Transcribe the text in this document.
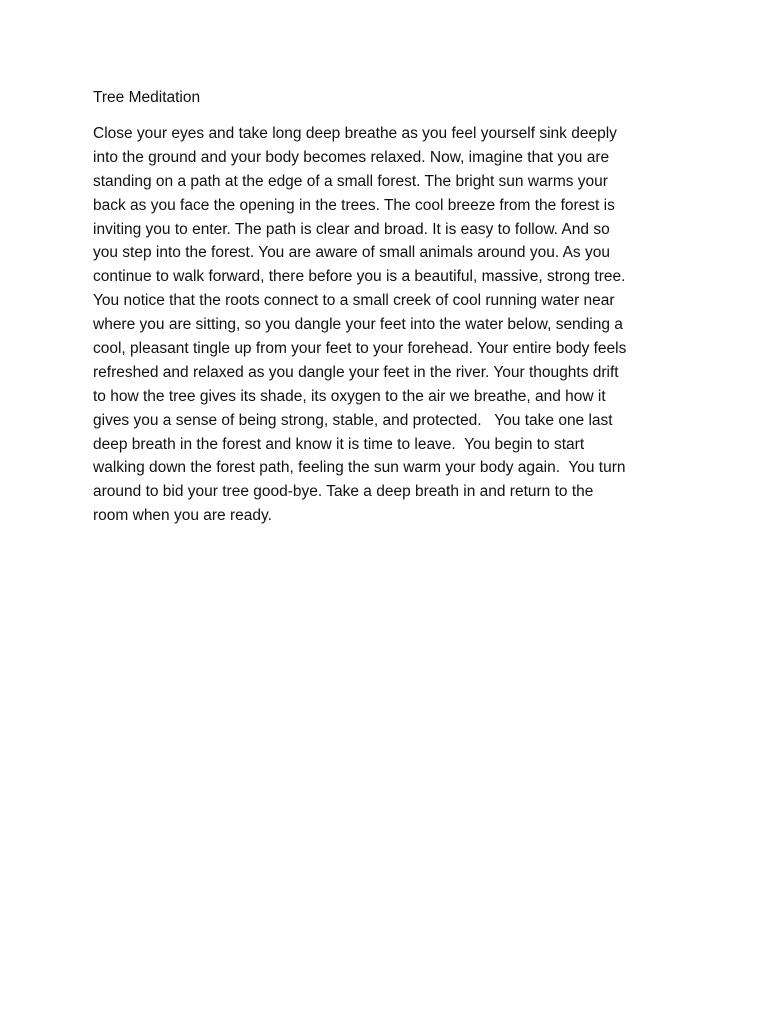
Tree Meditation
Close your eyes and take long deep breathe as you feel yourself sink deeply
into the ground and your body becomes relaxed. Now, imagine that you are
standing on a path at the edge of a small forest. The bright sun warms your
back as you face the opening in the trees. The cool breeze from the forest is
inviting you to enter. The path is clear and broad. It is easy to follow. And so
you step into the forest. You are aware of small animals around you. As you
continue to walk forward, there before you is a beautiful, massive, strong tree.
You notice that the roots connect to a small creek of cool running water near
where you are sitting, so you dangle your feet into the water below, sending a
cool, pleasant tingle up from your feet to your forehead. Your entire body feels
refreshed and relaxed as you dangle your feet in the river. Your thoughts drift
to how the tree gives its shade, its oxygen to the air we breathe, and how it
gives you a sense of being strong, stable, and protected.   You take one last
deep breath in the forest and know it is time to leave.  You begin to start
walking down the forest path, feeling the sun warm your body again.  You turn
around to bid your tree good-bye. Take a deep breath in and return to the
room when you are ready.
